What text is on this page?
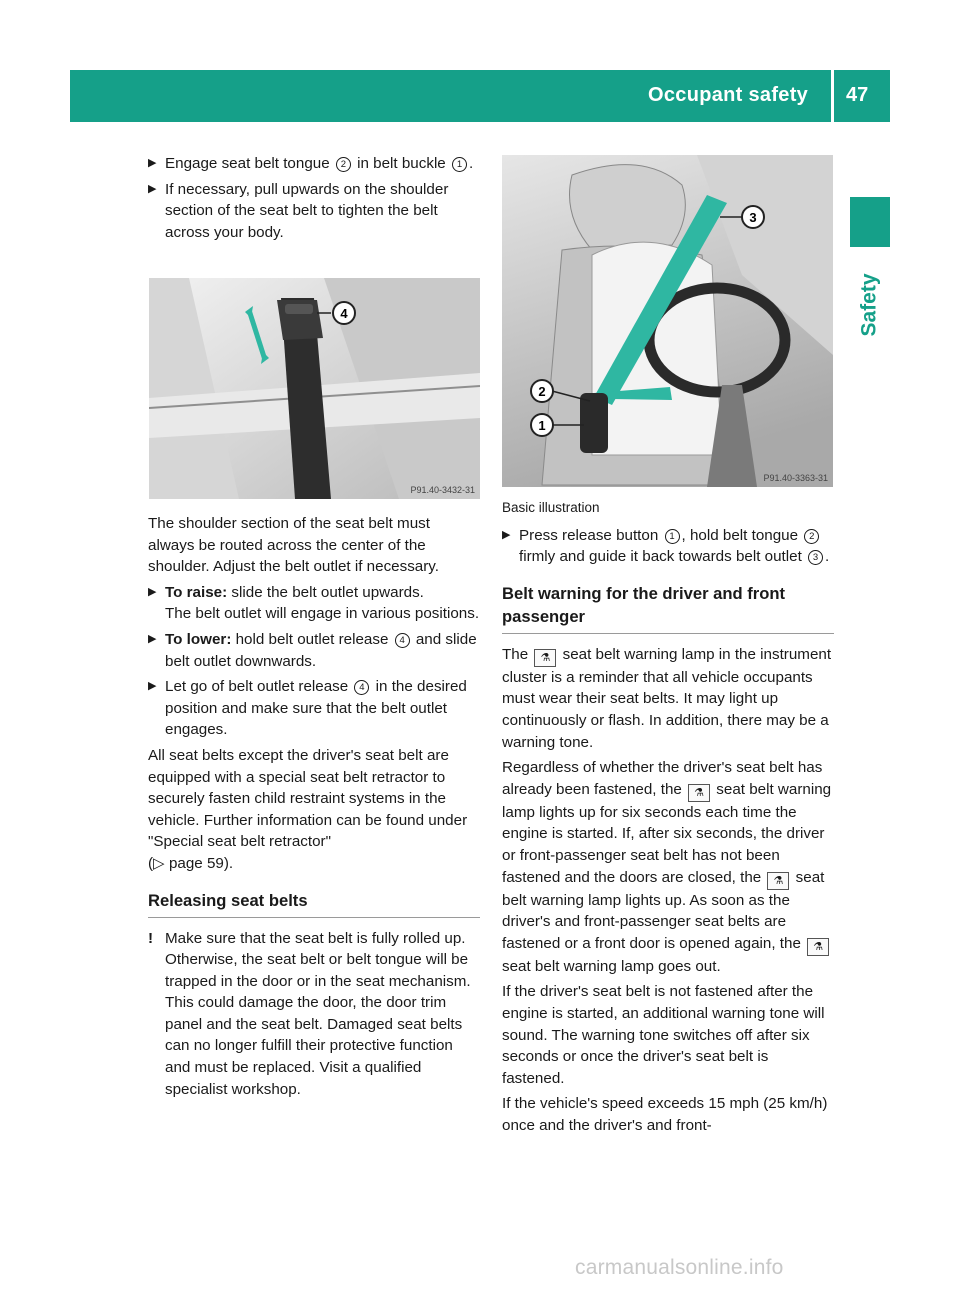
Occupant safety 47
Safety
▶ Engage seat belt tongue 2 in belt buckle 1 .
▶ If necessary, pull upwards on the shoulder section of the seat belt to tighten the belt across your body.
4
P91.40-3432-31
The shoulder section of the seat belt must always be routed across the center of the shoulder. Adjust the belt outlet if necessary.
▶ To raise: slide the belt outlet upwards.
The belt outlet will engage in various positions.
▶ To lower: hold belt outlet release 4 and slide belt outlet downwards.
▶ Let go of belt outlet release 4 in the desired position and make sure that the belt outlet engages.
All seat belts except the driver's seat belt are equipped with a special seat belt retractor to securely fasten child restraint systems in the vehicle. Further information can be found under "Special seat belt retractor"
(▷ page 59).
Releasing seat belts
! Make sure that the seat belt is fully rolled up. Otherwise, the seat belt or belt tongue will be trapped in the door or in the seat mechanism. This could damage the door, the door trim panel and the seat belt. Damaged seat belts can no longer fulfill their protective function and must be replaced. Visit a qualified specialist workshop.
3
2
1
P91.40-3363-31
Basic illustration
▶ Press release button 1 , hold belt tongue 2 firmly and guide it back towards belt outlet 3 .
Belt warning for the driver and front passenger
The ⚗ seat belt warning lamp in the instrument cluster is a reminder that all vehicle occupants must wear their seat belts. It may light up continuously or flash. In addition, there may be a warning tone.
Regardless of whether the driver's seat belt has already been fastened, the ⚗ seat belt warning lamp lights up for six seconds each time the engine is started. If, after six seconds, the driver or front-passenger seat belt has not been fastened and the doors are closed, the ⚗ seat belt warning lamp lights up. As soon as the driver's and front-passenger seat belts are fastened or a front door is opened again, the ⚗ seat belt warning lamp goes out.
If the driver's seat belt is not fastened after the engine is started, an additional warning tone will sound. The warning tone switches off after six seconds or once the driver's seat belt is fastened.
If the vehicle's speed exceeds 15 mph (25 km/h) once and the driver's and front-
carmanualsonline.info
